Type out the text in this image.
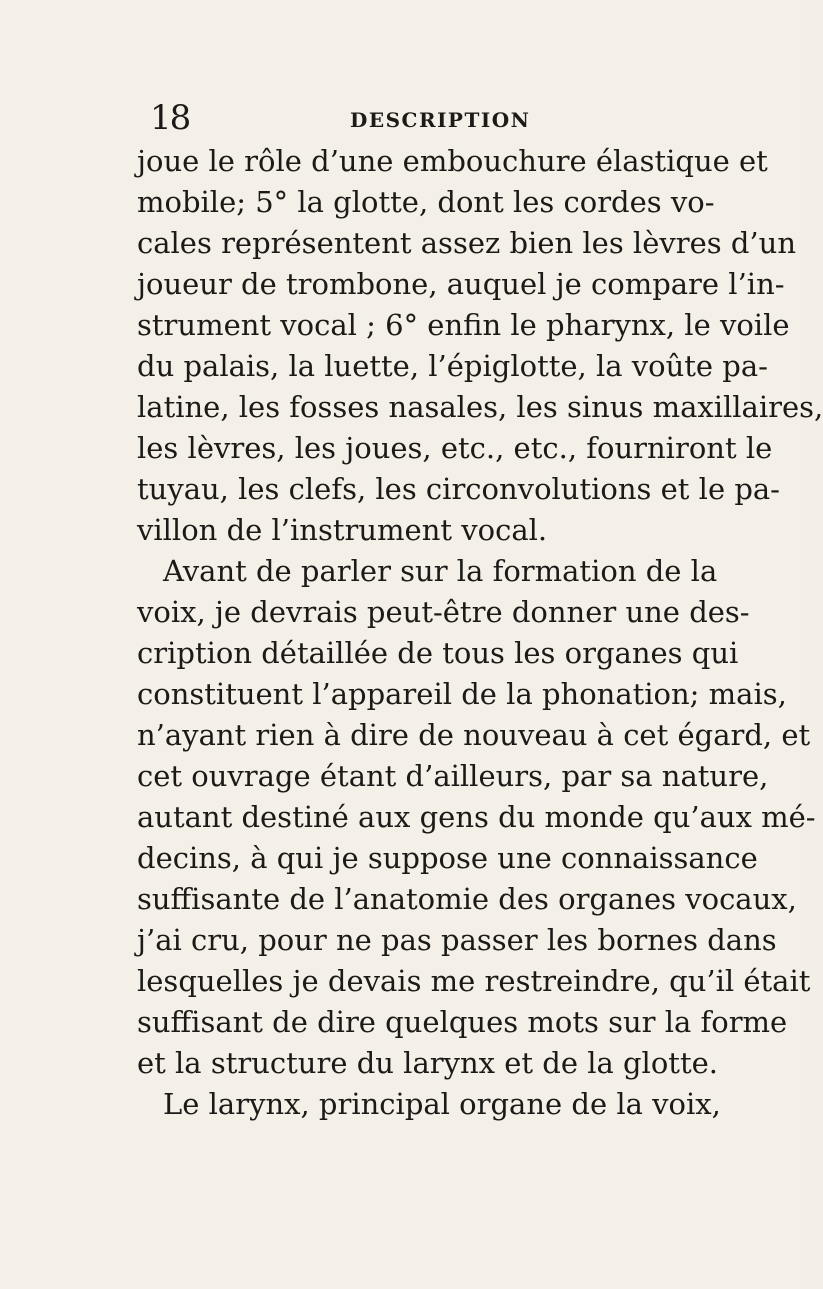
18	DESCRIPTION
joue le rôle d’une embouchure élastique et
mobile; 5° la glotte, dont les cordes vo-
cales représentent assez bien les lèvres d’un
joueur de trombone, auquel je compare l’in-
strument vocal ; 6° enfin le pharynx, le voile
du palais, la luette, l’épiglotte, la voûte pa-
latine, les fosses nasales, les sinus maxillaires,
les lèvres, les joues, etc., etc., fourniront le
tuyau, les clefs, les circonvolutions et le pa-
villon de l’instrument vocal.
Avant de parler sur la formation de la
voix, je devrais peut-être donner une des-
cription détaillée de tous les organes qui
constituent l’appareil de la phonation; mais,
n’ayant rien à dire de nouveau à cet égard, et
cet ouvrage étant d’ailleurs, par sa nature,
autant destiné aux gens du monde qu’aux mé-
decins, à qui je suppose une connaissance
suffisante de l’anatomie des organes vocaux,
j’ai cru, pour ne pas passer les bornes dans
lesquelles je devais me restreindre, qu’il était
suffisant de dire quelques mots sur la forme
et la structure du larynx et de la glotte.
Le larynx, principal organe de la voix,
